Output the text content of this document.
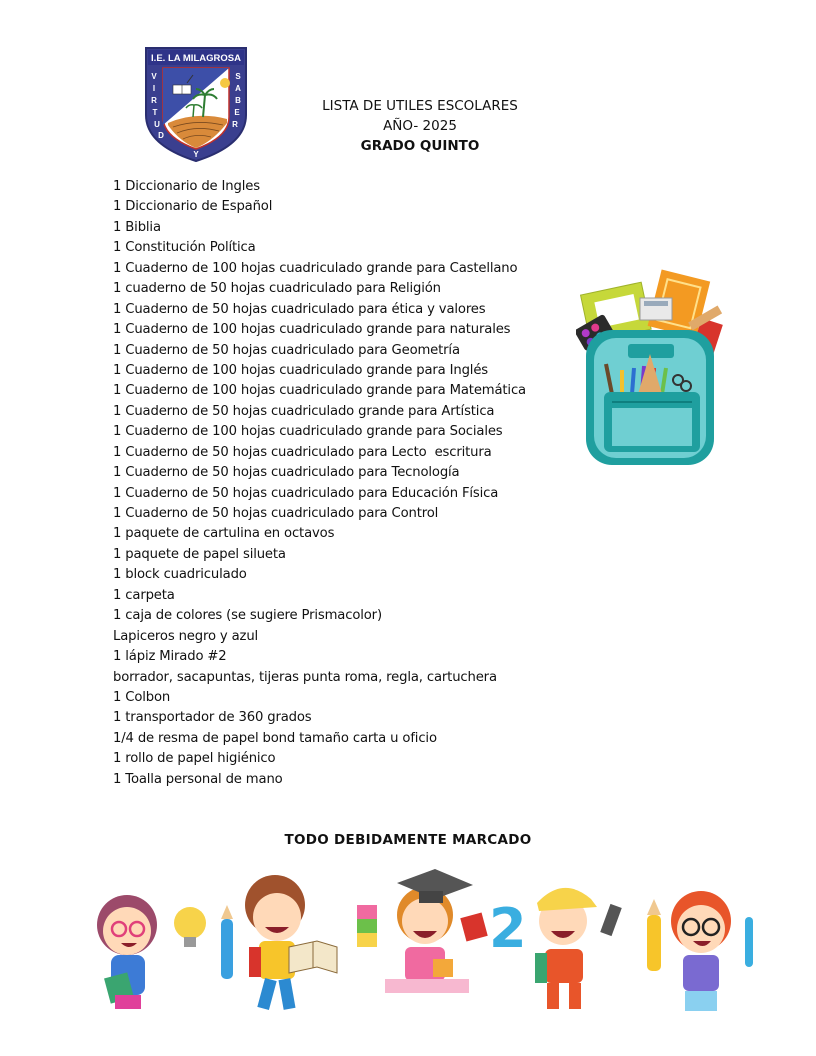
I.E. LA MILAGROSA
V
I
R
T
U
D
S
A
B
E
R
Y
LISTA DE UTILES ESCOLARES
AÑO- 2025
GRADO QUINTO
1 Diccionario de Ingles
1 Diccionario de Español
1 Biblia
1 Constitución Política
1 Cuaderno de 100 hojas cuadriculado grande para Castellano
1 cuaderno de 50 hojas cuadriculado para Religión
1 Cuaderno de 50 hojas cuadriculado para ética y valores
1 Cuaderno de 100 hojas cuadriculado grande para naturales
1 Cuaderno de 50 hojas cuadriculado para Geometría
1 Cuaderno de 100 hojas cuadriculado grande para Inglés
1 Cuaderno de 100 hojas cuadriculado grande para Matemática
1 Cuaderno de 50 hojas cuadriculado grande para Artística
1 Cuaderno de 100 hojas cuadriculado grande para Sociales
1 Cuaderno de 50 hojas cuadriculado para Lecto  escritura
1 Cuaderno de 50 hojas cuadriculado para Tecnología
1 Cuaderno de 50 hojas cuadriculado para Educación Física
1 Cuaderno de 50 hojas cuadriculado para Control
1 paquete de cartulina en octavos
1 paquete de papel silueta
1 block cuadriculado
1 carpeta
1 caja de colores (se sugiere Prismacolor)
Lapiceros negro y azul
1 lápiz Mirado #2
borrador, sacapuntas, tijeras punta roma, regla, cartuchera
1 Colbon
1 transportador de 360 grados
1/4 de resma de papel bond tamaño carta u oficio
1 rollo de papel higiénico
1 Toalla personal de mano
TODO DEBIDAMENTE MARCADO
2
